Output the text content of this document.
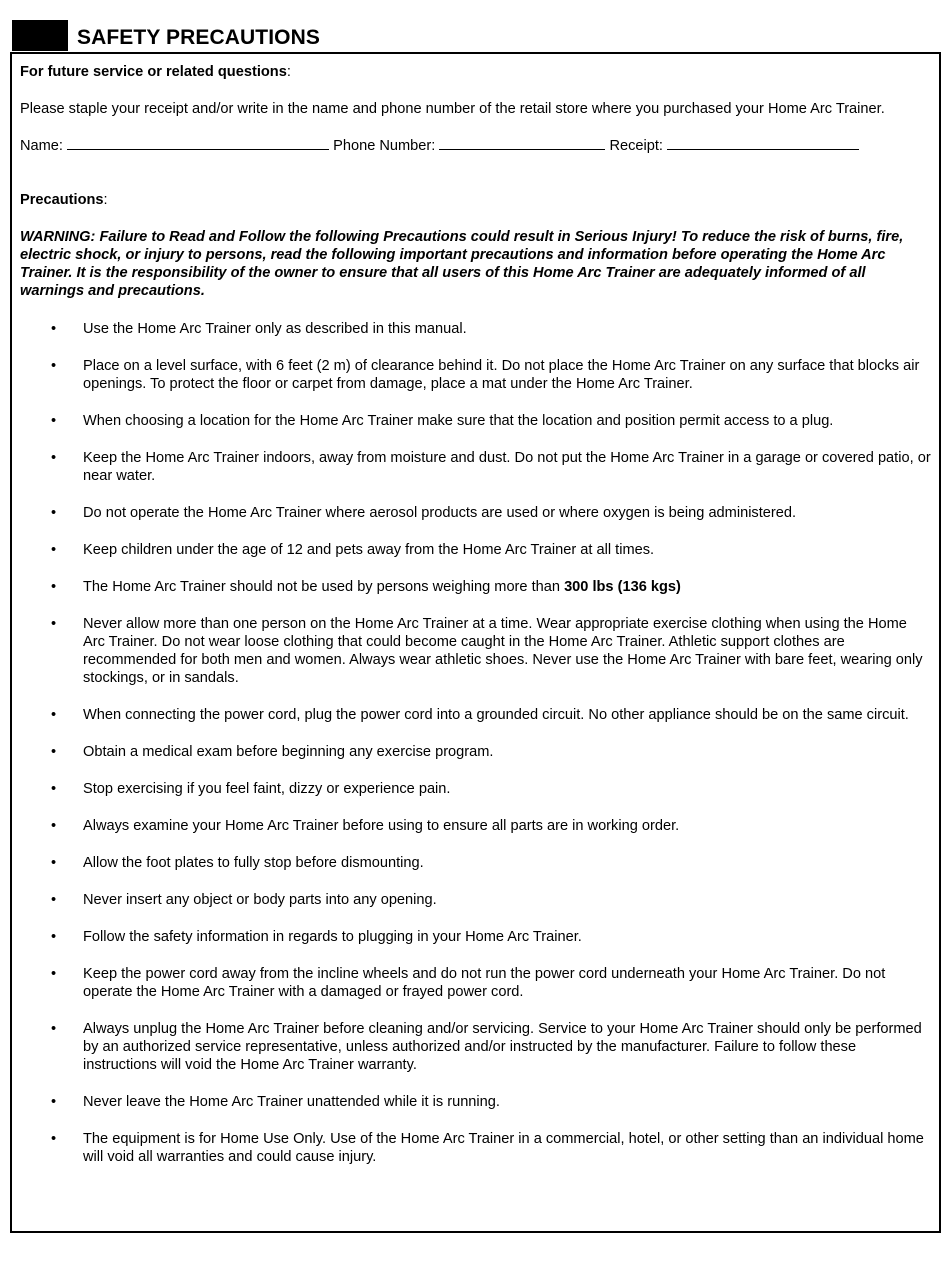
SAFETY PRECAUTIONS

For future service or related questions:

Please staple your receipt and/or write in the name and phone number of the retail store where you purchased your Home Arc Trainer.

Name:	Phone Number:	Receipt:

Precautions:

WARNING: Failure to Read and Follow the following Precautions could result in Serious Injury! To reduce the risk of burns, fire, electric shock, or injury to persons, read the following important precautions and information before operating the Home Arc Trainer. It is the responsibility of the owner to ensure that all users of this Home Arc Trainer are adequately informed of all warnings and precautions.

• Use the Home Arc Trainer only as described in this manual.
• Place on a level surface, with 6 feet (2 m) of clearance behind it. Do not place the Home Arc Trainer on any surface that blocks air openings. To protect the floor or carpet from damage, place a mat under the Home Arc Trainer.
• When choosing a location for the Home Arc Trainer make sure that the location and position permit access to a plug.
• Keep the Home Arc Trainer indoors, away from moisture and dust. Do not put the Home Arc Trainer in a garage or covered patio, or near water.
• Do not operate the Home Arc Trainer where aerosol products are used or where oxygen is being administered.
• Keep children under the age of 12 and pets away from the Home Arc Trainer at all times.
• The Home Arc Trainer should not be used by persons weighing more than 300 lbs (136 kgs)
• Never allow more than one person on the Home Arc Trainer at a time. Wear appropriate exercise clothing when using the Home Arc Trainer. Do not wear loose clothing that could become caught in the Home Arc Trainer. Athletic support clothes are recommended for both men and women. Always wear athletic shoes. Never use the Home Arc Trainer with bare feet, wearing only stockings, or in sandals.
• When connecting the power cord, plug the power cord into a grounded circuit. No other appliance should be on the same circuit.
• Obtain a medical exam before beginning any exercise program.
• Stop exercising if you feel faint, dizzy or experience pain.
• Always examine your Home Arc Trainer before using to ensure all parts are in working order.
• Allow the foot plates to fully stop before dismounting.
• Never insert any object or body parts into any opening.
• Follow the safety information in regards to plugging in your Home Arc Trainer.
• Keep the power cord away from the incline wheels and do not run the power cord underneath your Home Arc Trainer. Do not operate the Home Arc Trainer with a damaged or frayed power cord.
• Always unplug the Home Arc Trainer before cleaning and/or servicing. Service to your Home Arc Trainer should only be performed by an authorized service representative, unless authorized and/or instructed by the manufacturer. Failure to follow these instructions will void the Home Arc Trainer warranty.
• Never leave the Home Arc Trainer unattended while it is running.
• The equipment is for Home Use Only. Use of the Home Arc Trainer in a commercial, hotel, or other setting than an individual home will void all warranties and could cause injury.
